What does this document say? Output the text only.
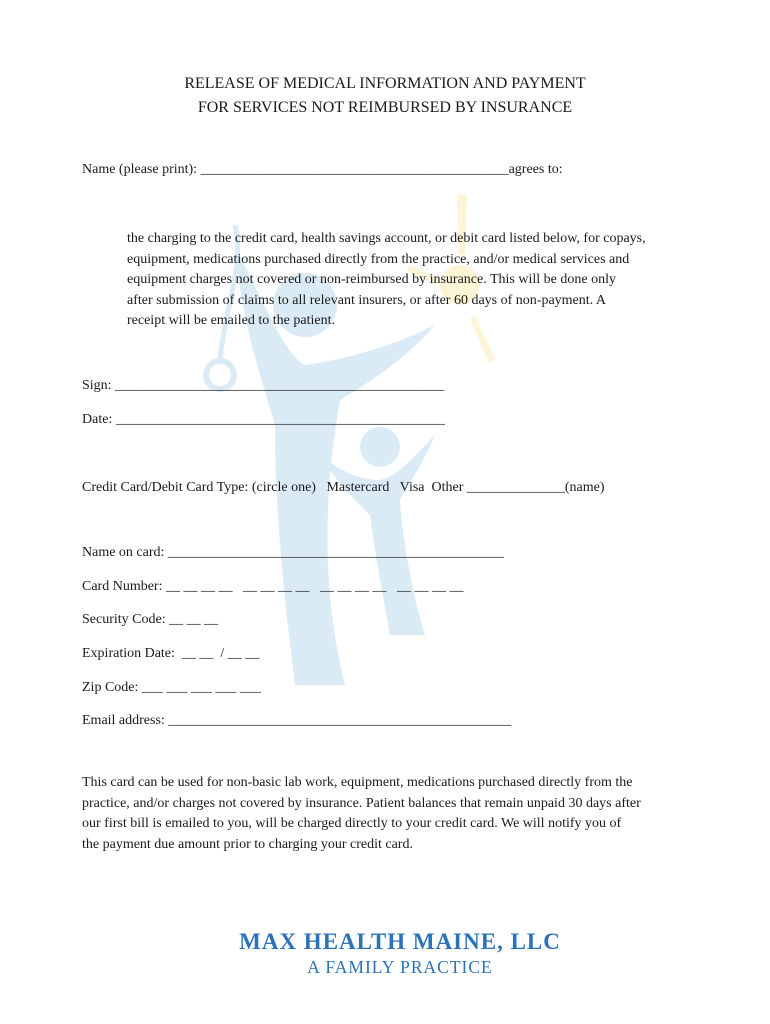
RELEASE OF MEDICAL INFORMATION AND PAYMENT
FOR SERVICES NOT REIMBURSED BY INSURANCE
Name (please print): ____________________________________________agrees to:
the charging to the credit card, health savings account, or debit card listed below, for copays,
equipment, medications purchased directly from the practice, and/or medical services and
equipment charges not covered or non-reimbursed by insurance. This will be done only
after submission of claims to all relevant insurers, or after 60 days of non-payment. A
receipt will be emailed to the patient.
Sign: _______________________________________________
Date: _______________________________________________
Credit Card/Debit Card Type: (circle one)   Mastercard   Visa  Other ______________(name)
Name on card: ________________________________________________
Card Number: __ __ __ __   __ __ __ __   __ __ __ __   __ __ __ __
Security Code: __ __ __
Expiration Date:  __ __  / __ __
Zip Code: ___ ___ ___ ___ ___
Email address: _________________________________________________
This card can be used for non-basic lab work, equipment, medications purchased directly from the
practice, and/or charges not covered by insurance. Patient balances that remain unpaid 30 days after
our first bill is emailed to you, will be charged directly to your credit card. We will notify you of
the payment due amount prior to charging your credit card.
MAX HEALTH MAINE, LLC
A FAMILY PRACTICE
